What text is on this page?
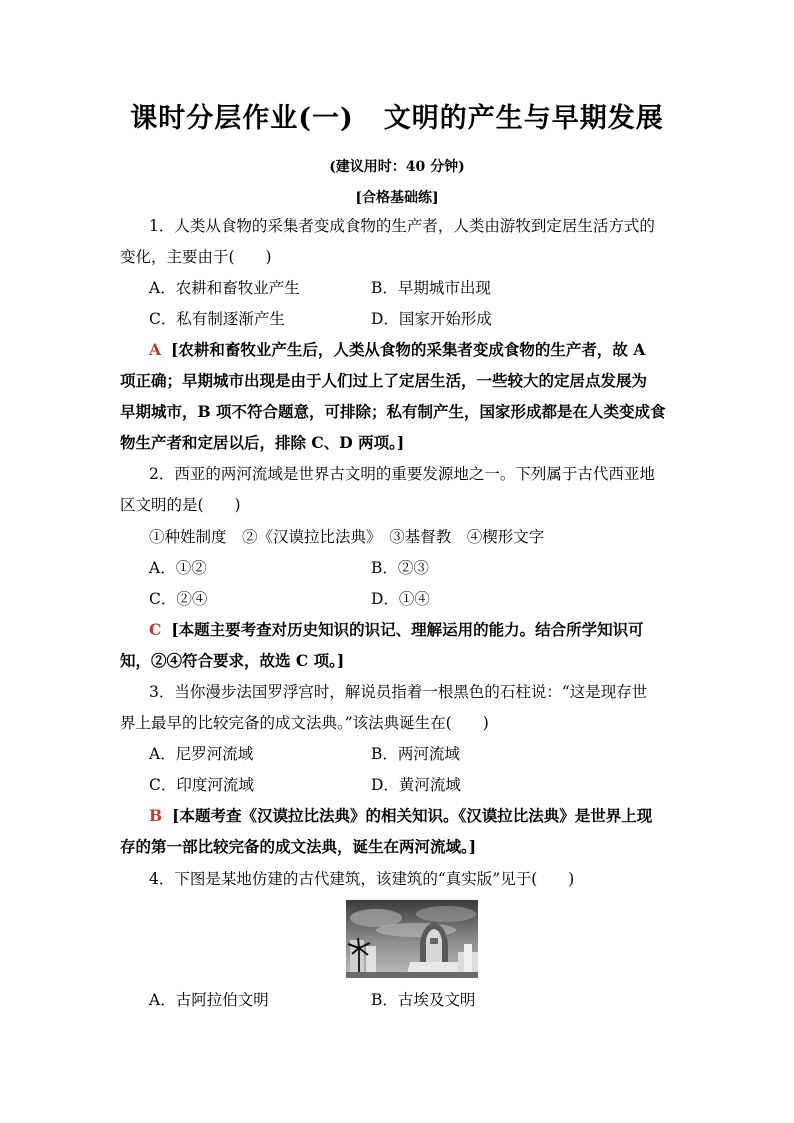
课时分层作业(一) 文明的产生与早期发展
(建议用时：40 分钟)
[合格基础练]
1．人类从食物的采集者变成食物的生产者，人类由游牧到定居生活方式的
变化，主要由于(　　)
A．农耕和畜牧业产生	B．早期城市出现
C．私有制逐渐产生	D．国家开始形成
A [农耕和畜牧业产生后，人类从食物的采集者变成食物的生产者，故 A
项正确；早期城市出现是由于人们过上了定居生活，一些较大的定居点发展为
早期城市，B 项不符合题意，可排除；私有制产生，国家形成都是在人类变成食
物生产者和定居以后，排除 C、D 两项。]
2．西亚的两河流域是世界古文明的重要发源地之一。下列属于古代西亚地
区文明的是(　　)
①种姓制度　②《汉谟拉比法典》　③基督教　④楔形文字
A．①②	B．②③
C．②④	D．①④
C [本题主要考查对历史知识的识记、理解运用的能力。结合所学知识可
知，②④符合要求，故选 C 项。]
3．当你漫步法国罗浮宫时，解说员指着一根黑色的石柱说：“这是现存世
界上最早的比较完备的成文法典。”该法典诞生在(　　)
A．尼罗河流域	B．两河流域
C．印度河流域	D．黄河流域
B [本题考查《汉谟拉比法典》的相关知识。《汉谟拉比法典》是世界上现
存的第一部比较完备的成文法典，诞生在两河流域。]
4．下图是某地仿建的古代建筑，该建筑的“真实版”见于(　　)
A．古阿拉伯文明	B．古埃及文明
